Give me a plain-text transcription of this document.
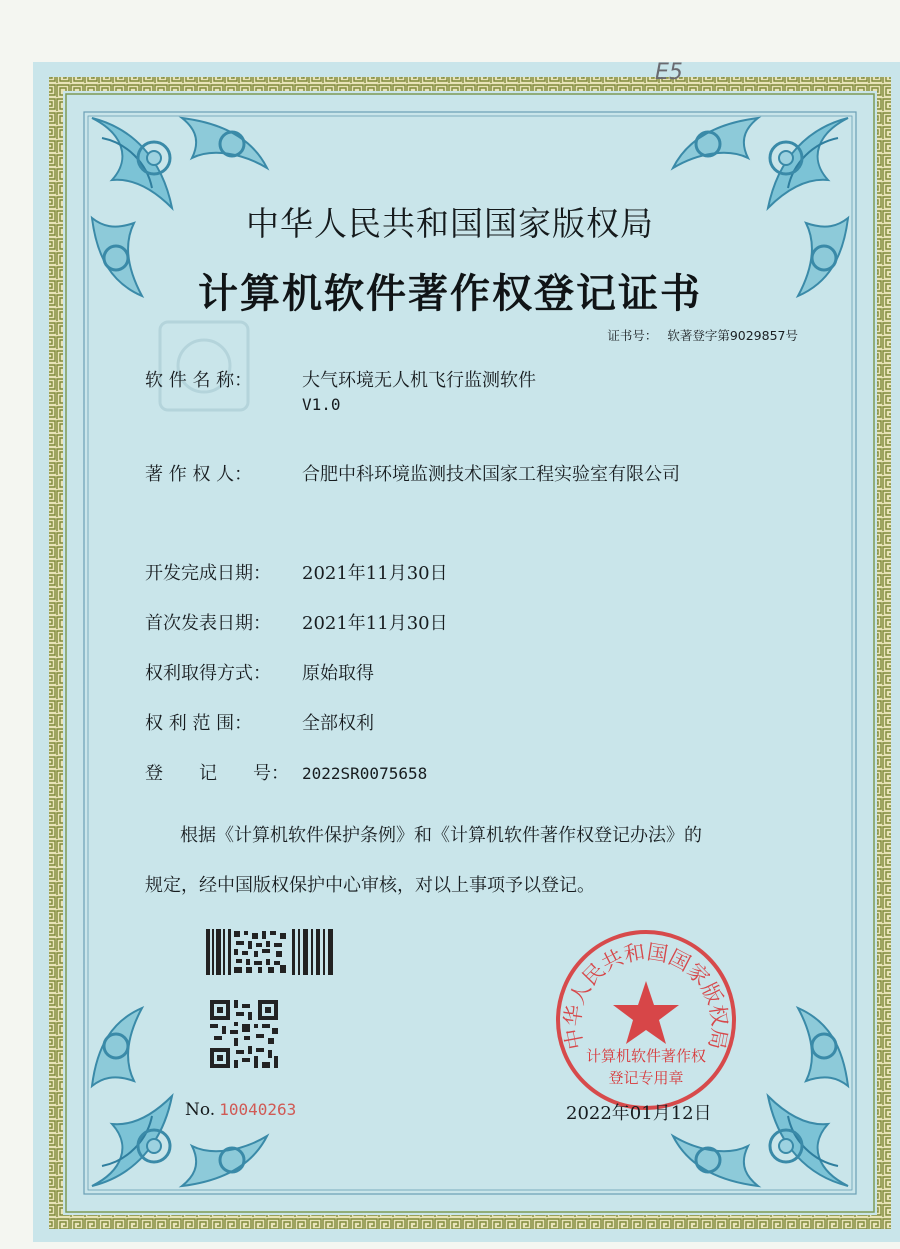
E5
中华人民共和国国家版权局
计算机软件著作权登记证书
证书号： 软著登字第9029857号
软 件 名 称：	大气环境无人机飞行监测软件
V1.0
著 作 权 人：	合肥中科环境监测技术国家工程实验室有限公司
开发完成日期： 2021年11月30日
首次发表日期： 2021年11月30日
权利取得方式： 原始取得
权 利 范 围：	全部权利
登　　记　　号： 2022SR0075658
根据《计算机软件保护条例》和《计算机软件著作权登记办法》的
规定，经中国版权保护中心审核，对以上事项予以登记。
No. 10040263
中华人民共和国国家版权局
计算机软件著作权
登记专用章
2022年01月12日
